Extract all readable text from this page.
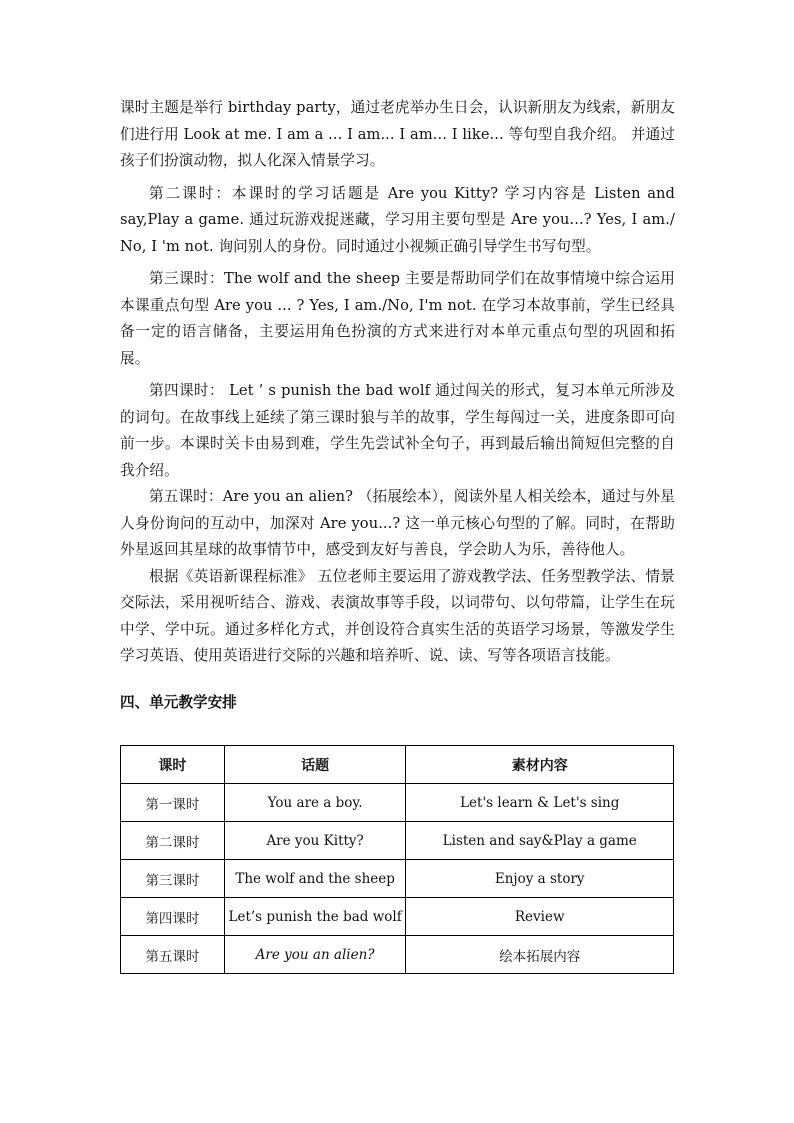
课时主题是举行 birthday party，通过老虎举办生日会，认识新朋友为线索，新朋友们进行用 Look at me. I am a ... I am... I am... I like... 等句型自我介绍。 并通过孩子们扮演动物，拟人化深入情景学习。

第二课时：本课时的学习话题是 Are you Kitty? 学习内容是 Listen and say,Play a game. 通过玩游戏捉迷藏，学习用主要句型是 Are you...? Yes, I am./ No, I 'm not. 询问别人的身份。同时通过小视频正确引导学生书写句型。

第三课时：The wolf and the sheep 主要是帮助同学们在故事情境中综合运用本课重点句型 Are you ... ? Yes, I am./No, I'm not. 在学习本故事前，学生已经具备一定的语言储备，主要运用角色扮演的方式来进行对本单元重点句型的巩固和拓展。

第四课时： Let ’ s punish the bad wolf 通过闯关的形式，复习本单元所涉及的词句。在故事线上延续了第三课时狼与羊的故事，学生每闯过一关，进度条即可向前一步。本课时关卡由易到难，学生先尝试补全句子，再到最后输出简短但完整的自我介绍。

第五课时：Are you an alien? （拓展绘本），阅读外星人相关绘本，通过与外星人身份询问的互动中，加深对 Are you...? 这一单元核心句型的了解。同时，在帮助外星返回其星球的故事情节中，感受到友好与善良，学会助人为乐，善待他人。

根据《英语新课程标准》 五位老师主要运用了游戏教学法、任务型教学法、情景交际法，采用视听结合、游戏、表演故事等手段，以词带句、以句带篇，让学生在玩中学、学中玩。通过多样化方式，并创设符合真实生活的英语学习场景，等激发学生学习英语、使用英语进行交际的兴趣和培养听、说、读、写等各项语言技能。

四、单元教学安排

课时	话题	素材内容
第一课时	You are a boy.	Let's learn & Let's sing
第二课时	Are you Kitty?	Listen and say&Play a game
第三课时	The wolf and the sheep	Enjoy a story
第四课时	Let’s punish the bad wolf	Review
第五课时	Are you an alien?	绘本拓展内容
